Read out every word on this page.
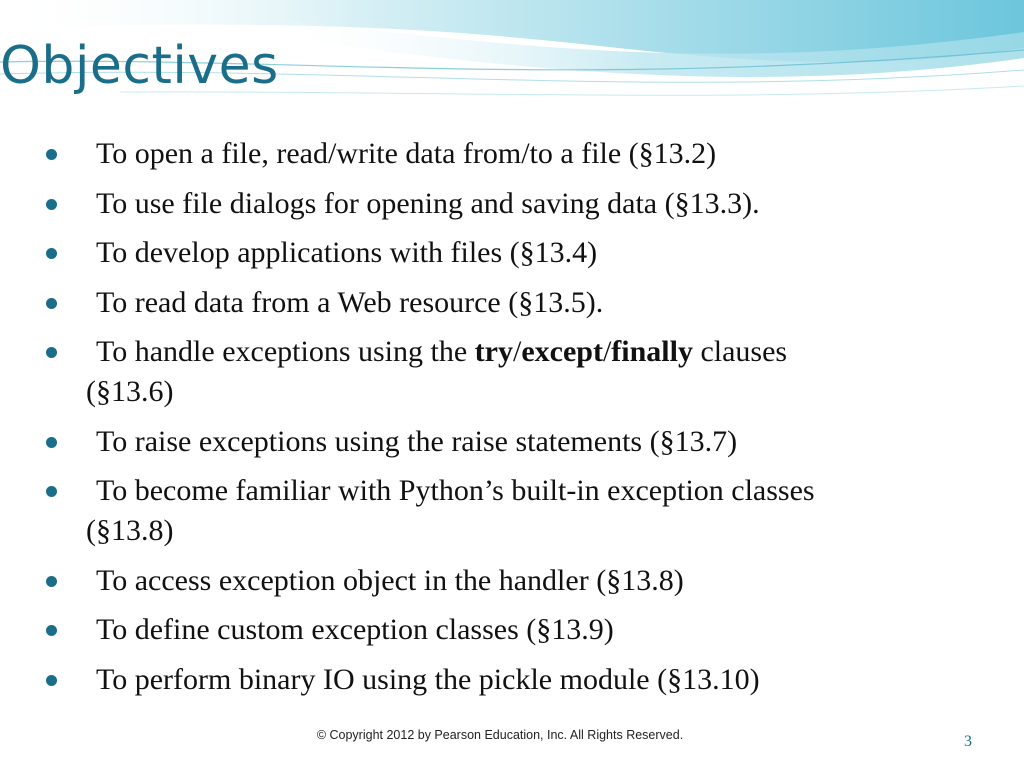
Objectives
To open a file, read/write data from/to a file (§13.2)
To use file dialogs for opening and saving data (§13.3).
To develop applications with files (§13.4)
To read data from a Web resource (§13.5).
To handle exceptions using the try/except/finally clauses
(§13.6)
To raise exceptions using the raise statements (§13.7)
To become familiar with Python’s built-in exception classes
(§13.8)
To access exception object in the handler (§13.8)
To define custom exception classes (§13.9)
To perform binary IO using the pickle module (§13.10)
© Copyright 2012 by Pearson Education, Inc. All Rights Reserved.	3
